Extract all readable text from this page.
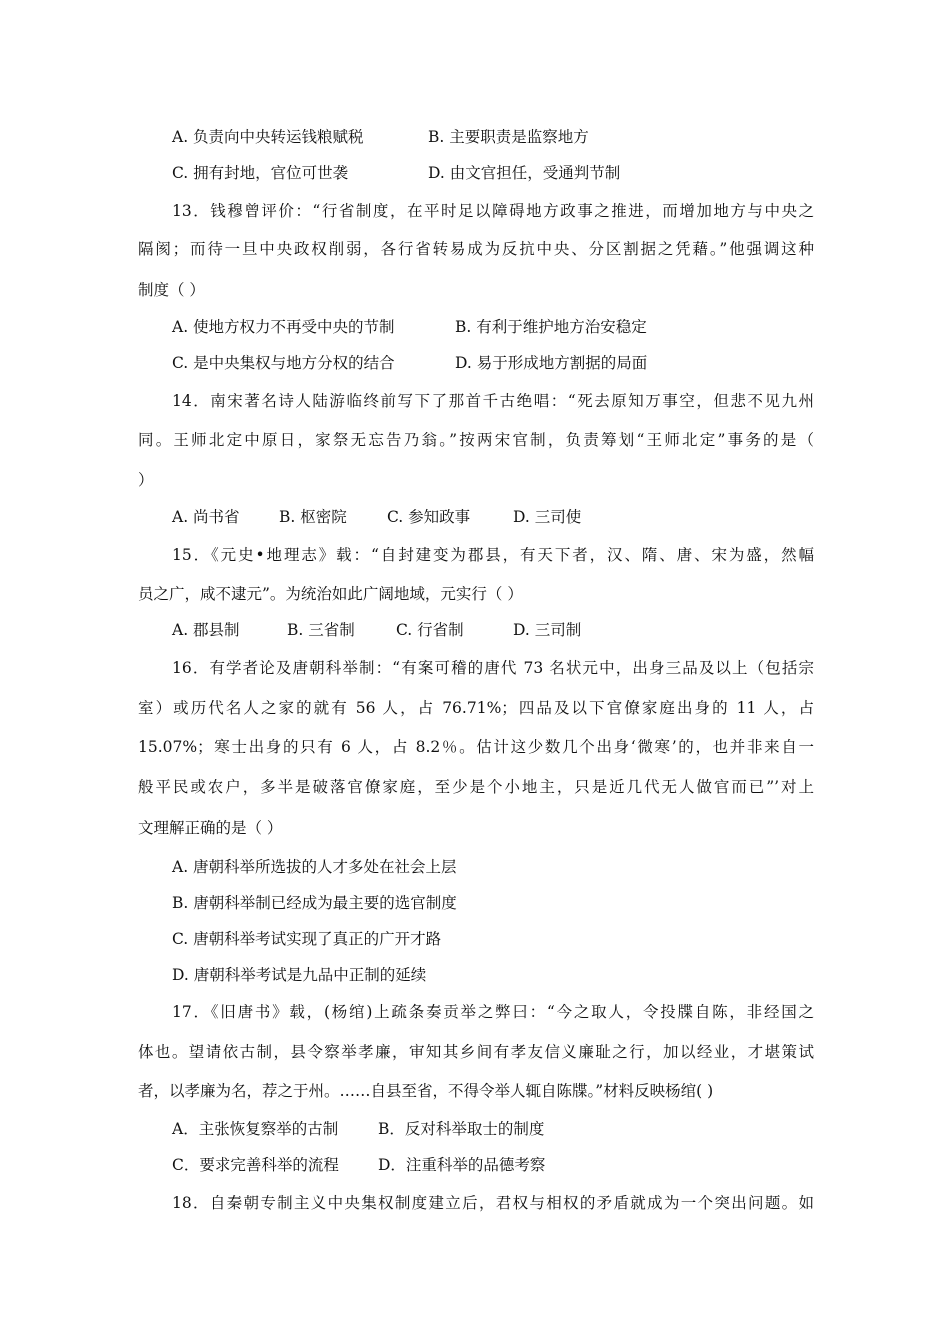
A. 负责向中央转运钱粮赋税	B. 主要职责是监察地方
C. 拥有封地，官位可世袭	D. 由文官担任，受通判节制
13．钱穆曾评价：“行省制度，在平时足以障碍地方政事之推进，而增加地方与中央之
隔阂；而待一旦中央政权削弱，各行省转易成为反抗中央、分区割据之凭藉。”他强调这种
制度（ ）
A. 使地方权力不再受中央的节制	B. 有利于维护地方治安稳定
C. 是中央集权与地方分权的结合	D. 易于形成地方割据的局面
14．南宋著名诗人陆游临终前写下了那首千古绝唱：“死去原知万事空，但悲不见九州
同。王师北定中原日，家祭无忘告乃翁。”按两宋官制，负责筹划“王师北定”事务的是（
）
A. 尚书省	B. 枢密院	C. 参知政事	D. 三司使
15．《元史•地理志》载：“自封建变为郡县，有天下者，汉、隋、唐、宋为盛，然幅
员之广，咸不逮元”。为统治如此广阔地域，元实行（ ）
A. 郡县制	B. 三省制	C. 行省制	D. 三司制
16．有学者论及唐朝科举制：“有案可稽的唐代 73 名状元中，出身三品及以上（包括宗
室）或历代名人之家的就有 56 人，占 76.71%；四品及以下官僚家庭出身的 11 人，占
15.07%；寒士出身的只有 6 人，占 8.2％。估计这少数几个出身‘微寒’的，也并非来自一
般平民或农户，多半是破落官僚家庭，至少是个小地主，只是近几代无人做官而已”’对上
文理解正确的是（ ）
A. 唐朝科举所选拔的人才多处在社会上层
B. 唐朝科举制已经成为最主要的选官制度
C. 唐朝科举考试实现了真正的广开才路
D. 唐朝科举考试是九品中正制的延续
17．《旧唐书》载，(杨绾)上疏条奏贡举之弊曰：“今之取人，令投牒自陈，非经国之
体也。望请依古制，县令察举孝廉，审知其乡间有孝友信义廉耻之行，加以经业，才堪策试
者，以孝廉为名，荐之于州。……自县至省，不得令举人辄自陈牒。”材料反映杨绾( )
A．主张恢复察举的古制	B．反对科举取士的制度
C．要求完善科举的流程	D．注重科举的品德考察
18．自秦朝专制主义中央集权制度建立后，君权与相权的矛盾就成为一个突出问题。如
